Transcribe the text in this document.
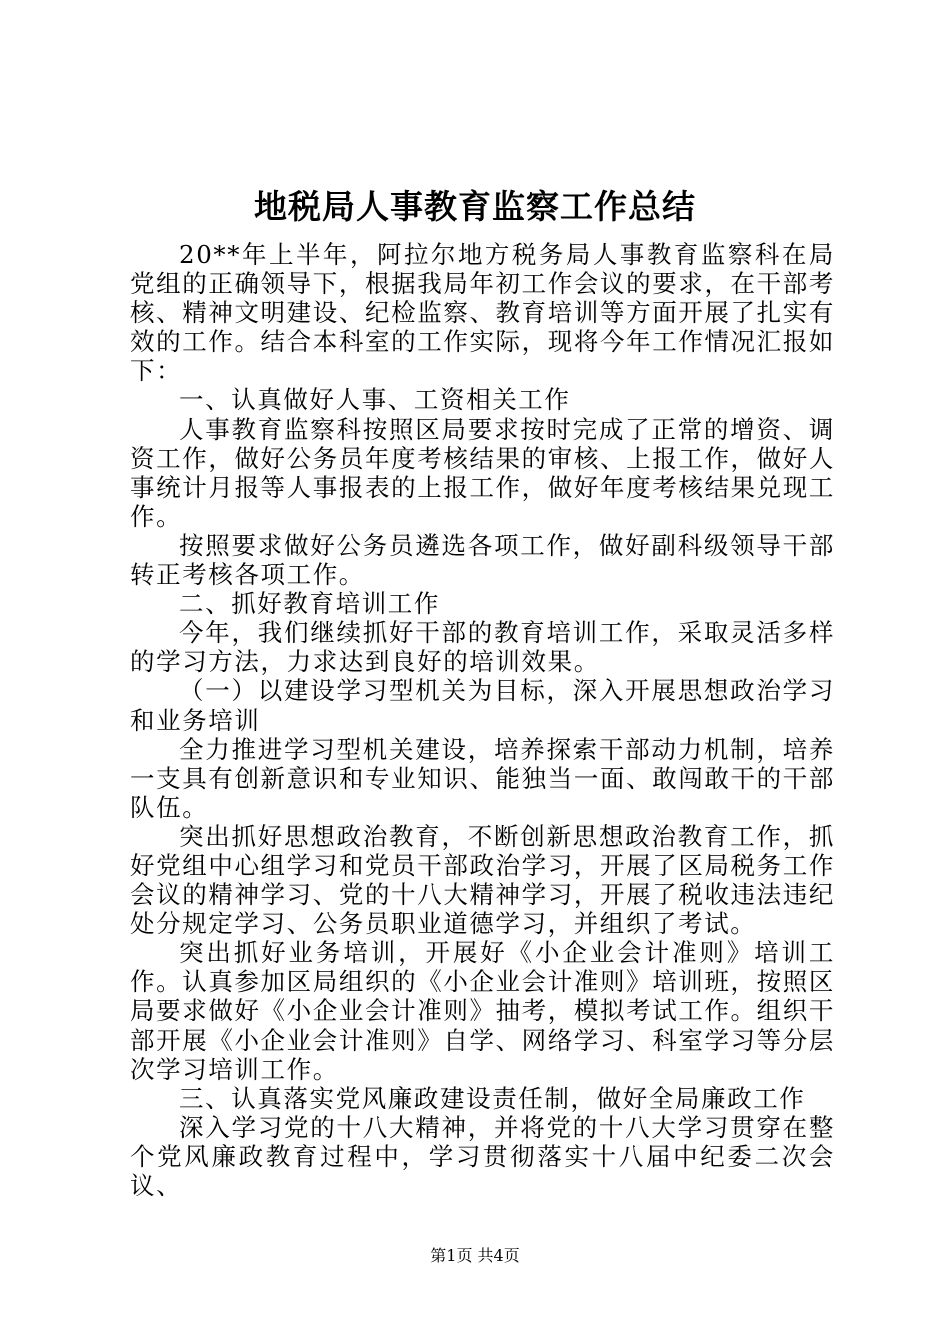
地税局人事教育监察工作总结

20**年上半年，阿拉尔地方税务局人事教育监察科在局党组的正确领导下，根据我局年初工作会议的要求，在干部考核、精神文明建设、纪检监察、教育培训等方面开展了扎实有效的工作。结合本科室的工作实际，现将今年工作情况汇报如下：

一、认真做好人事、工资相关工作

人事教育监察科按照区局要求按时完成了正常的增资、调资工作，做好公务员年度考核结果的审核、上报工作，做好人事统计月报等人事报表的上报工作，做好年度考核结果兑现工作。

按照要求做好公务员遴选各项工作，做好副科级领导干部转正考核各项工作。

二、抓好教育培训工作

今年，我们继续抓好干部的教育培训工作，采取灵活多样的学习方法，力求达到良好的培训效果。

（一）以建设学习型机关为目标，深入开展思想政治学习和业务培训

全力推进学习型机关建设，培养探索干部动力机制，培养一支具有创新意识和专业知识、能独当一面、敢闯敢干的干部队伍。

突出抓好思想政治教育，不断创新思想政治教育工作，抓好党组中心组学习和党员干部政治学习，开展了区局税务工作会议的精神学习、党的十八大精神学习，开展了税收违法违纪处分规定学习、公务员职业道德学习，并组织了考试。

突出抓好业务培训，开展好《小企业会计准则》培训工作。认真参加区局组织的《小企业会计准则》培训班，按照区局要求做好《小企业会计准则》抽考，模拟考试工作。组织干部开展《小企业会计准则》自学、网络学习、科室学习等分层次学习培训工作。

三、认真落实党风廉政建设责任制，做好全局廉政工作

深入学习党的十八大精神，并将党的十八大学习贯穿在整个党风廉政教育过程中，学习贯彻落实十八届中纪委二次会议、

第1页 共4页
